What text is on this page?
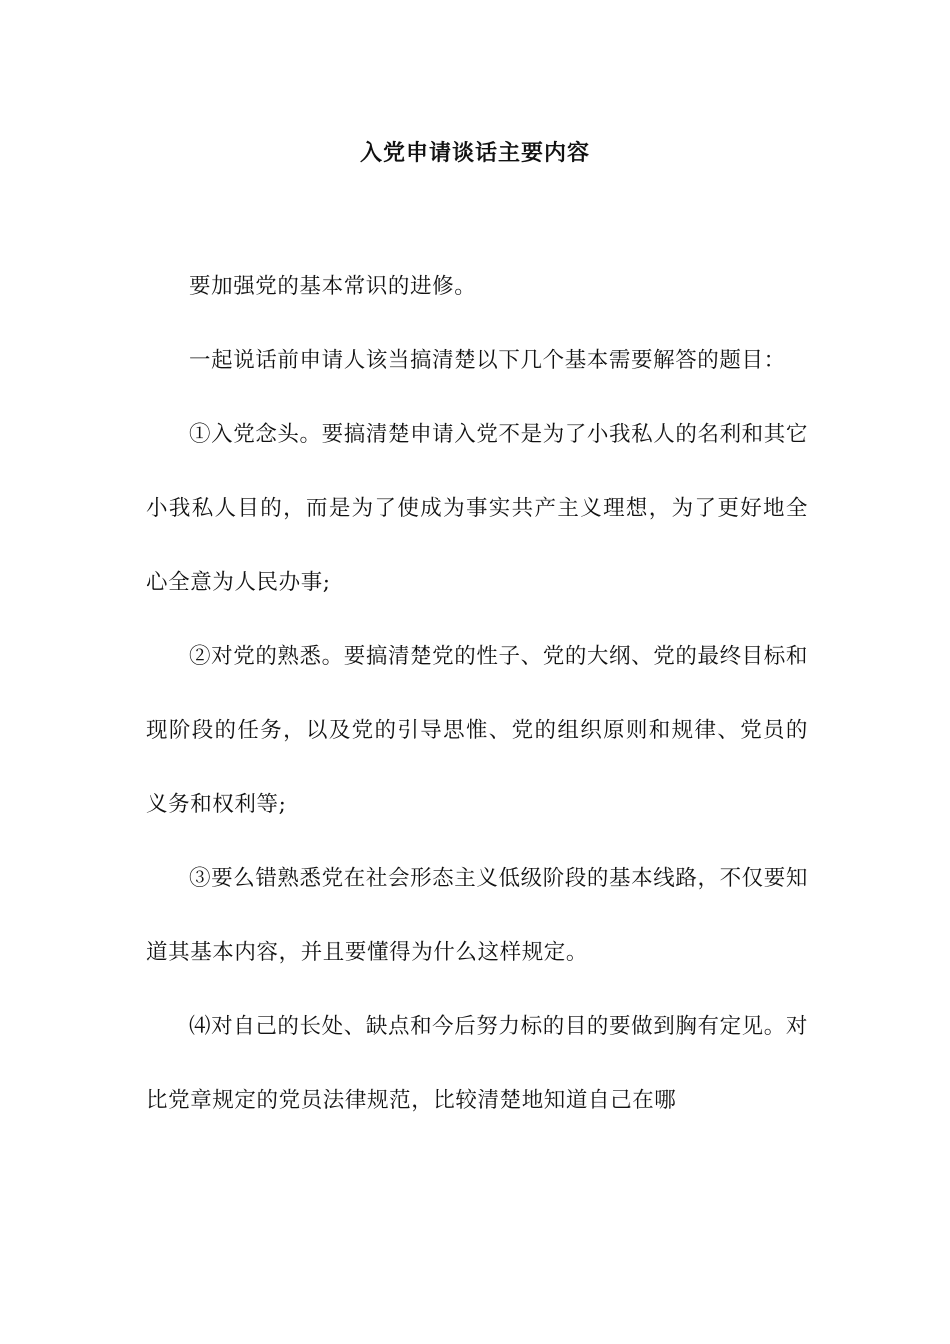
入党申请谈话主要内容

要加强党的基本常识的进修。

一起说话前申请人该当搞清楚以下几个基本需要解答的题目：

①入党念头。要搞清楚申请入党不是为了小我私人的名利和其它小我私人目的，而是为了使成为事实共产主义理想，为了更好地全心全意为人民办事;

②对党的熟悉。要搞清楚党的性子、党的大纲、党的最终目标和现阶段的任务，以及党的引导思惟、党的组织原则和规律、党员的义务和权利等;

③要么错熟悉党在社会形态主义低级阶段的基本线路，不仅要知道其基本内容，并且要懂得为什么这样规定。

⑷对自己的长处、缺点和今后努力标的目的要做到胸有定见。对比党章规定的党员法律规范，比较清楚地知道自己在哪
